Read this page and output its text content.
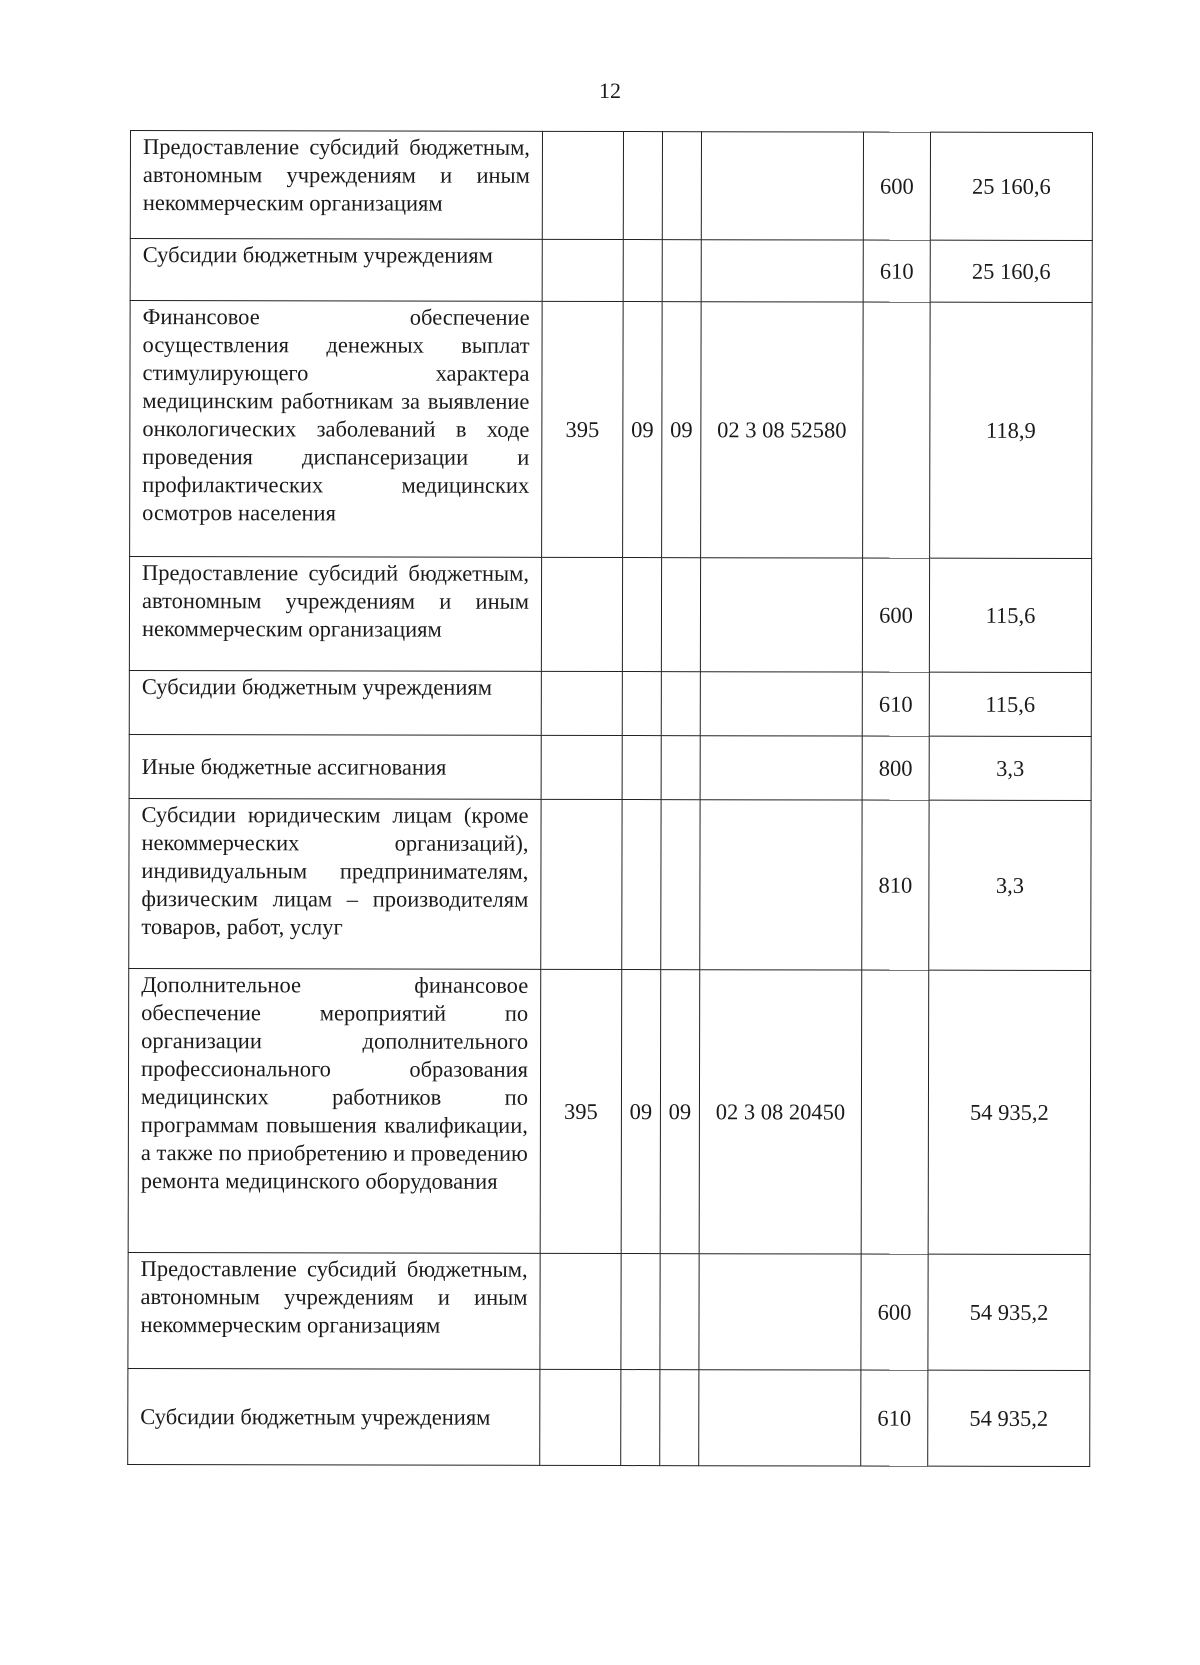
12
Предоставление субсидий бюджетным, автономным учреждениям и иным некоммерческим организациям					600	25 160,6
Субсидии бюджетным учреждениям					610	25 160,6
Финансовое обеспечение осуществления денежных выплат стимулирующего характера медицинским работникам за выявление онкологических заболеваний в ходе проведения диспансеризации и профилактических медицинских осмотров населения	395	09	09	02 3 08 52580		118,9
Предоставление субсидий бюджетным, автономным учреждениям и иным некоммерческим организациям					600	115,6
Субсидии бюджетным учреждениям					610	115,6
Иные бюджетные ассигнования					800	3,3
Субсидии юридическим лицам (кроме некоммерческих организаций), индивидуальным предпринимателям, физическим лицам – производителям товаров, работ, услуг					810	3,3
Дополнительное финансовое обеспечение мероприятий по организации дополнительного профессионального образования медицинских работников по программам повышения квалификации, а также по приобретению и проведению ремонта медицинского оборудования	395	09	09	02 3 08 20450		54 935,2
Предоставление субсидий бюджетным, автономным учреждениям и иным некоммерческим организациям					600	54 935,2
Субсидии бюджетным учреждениям					610	54 935,2
